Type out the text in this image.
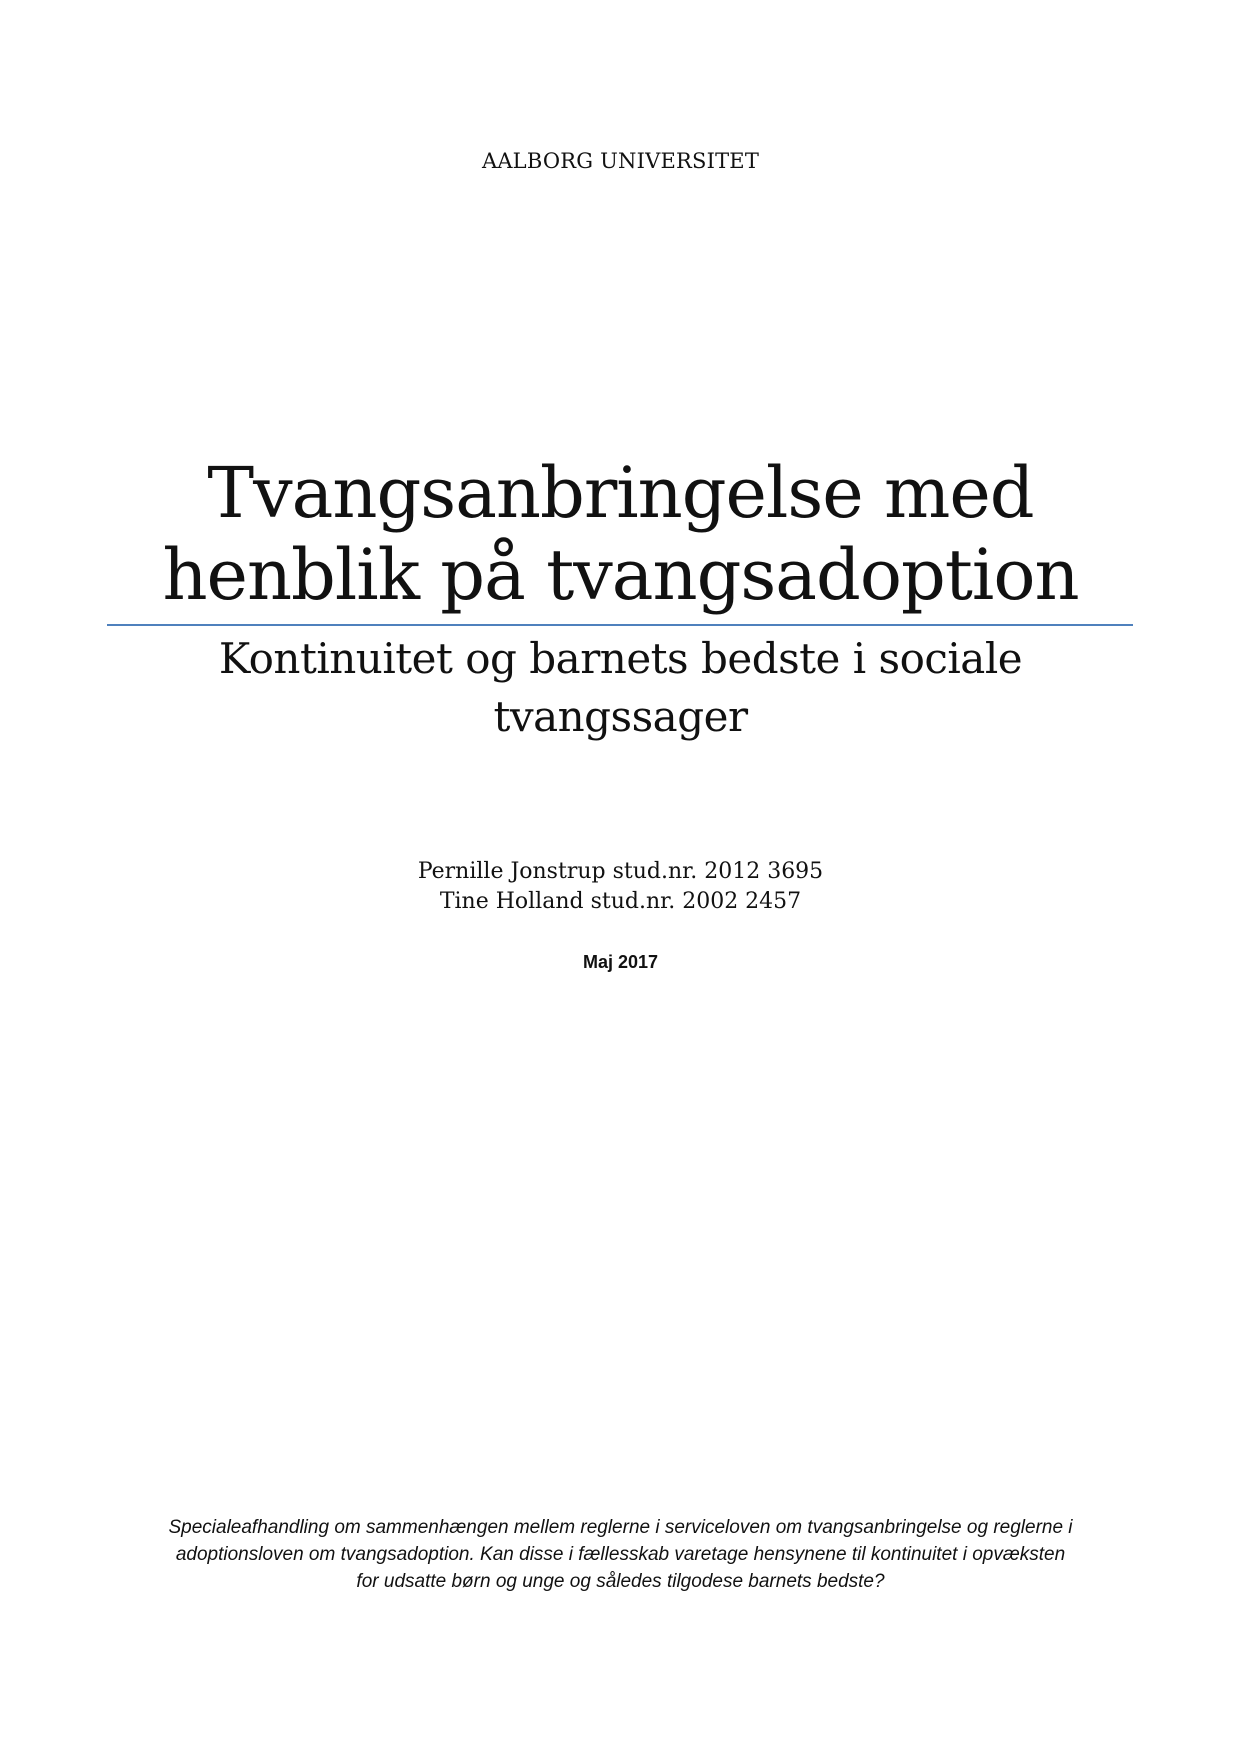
AALBORG UNIVERSITET
Tvangsanbringelse med
henblik på tvangsadoption
Kontinuitet og barnets bedste i sociale
tvangssager
Pernille Jonstrup stud.nr. 2012 3695
Tine Holland stud.nr. 2002 2457
Maj 2017
Specialeafhandling om sammenhængen mellem reglerne i serviceloven om tvangsanbringelse og reglerne i
adoptionsloven om tvangsadoption. Kan disse i fællesskab varetage hensynene til kontinuitet i opvæksten
for udsatte børn og unge og således tilgodese barnets bedste?
